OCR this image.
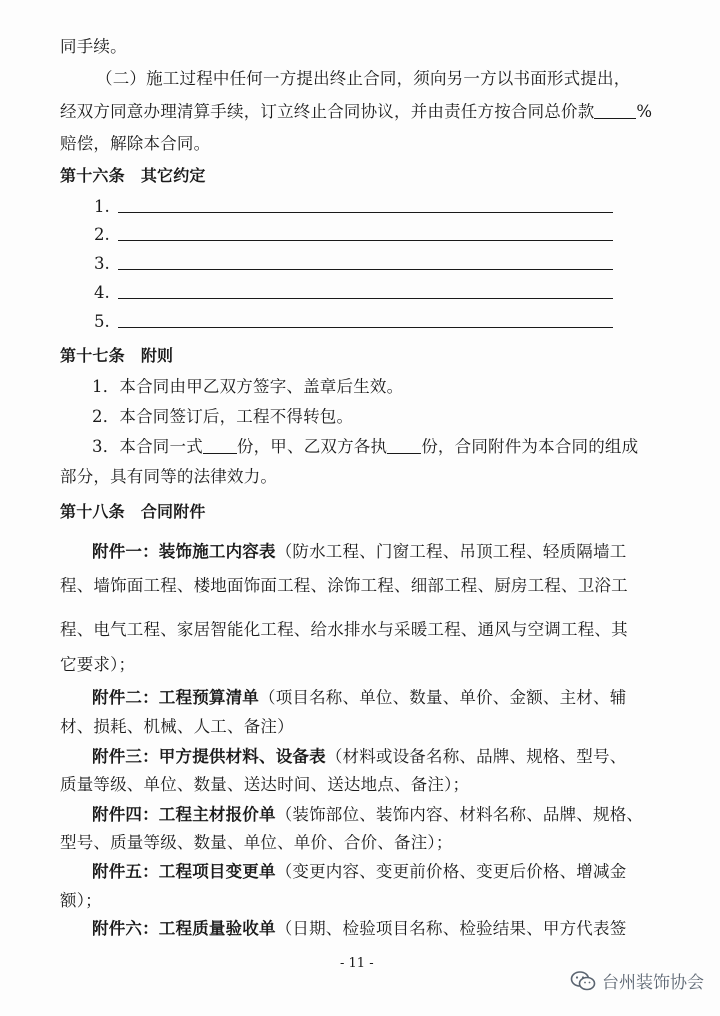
同手续。
（二）施工过程中任何一方提出终止合同，须向另一方以书面形式提出，
经双方同意办理清算手续，订立终止合同协议，并由责任方按合同总价款	%
赔偿，解除本合同。
第十六条 其它约定
1.
2.
3.
4.
5.
第十七条 附则
1．本合同由甲乙双方签字、盖章后生效。
2．本合同签订后，工程不得转包。
3．本合同一式 份，甲、乙双方各执 份，合同附件为本合同的组成
部分，具有同等的法律效力。
第十八条 合同附件
附件一：装饰施工内容表（防水工程、门窗工程、吊顶工程、轻质隔墙工
程、墙饰面工程、楼地面饰面工程、涂饰工程、细部工程、厨房工程、卫浴工
程、电气工程、家居智能化工程、给水排水与采暖工程、通风与空调工程、其
它要求）；
附件二：工程预算清单（项目名称、单位、数量、单价、金额、主材、辅
材、损耗、机械、人工、备注）
附件三：甲方提供材料、设备表（材料或设备名称、品牌、规格、型号、
质量等级、单位、数量、送达时间、送达地点、备注）；
附件四：工程主材报价单（装饰部位、装饰内容、材料名称、品牌、规格、
型号、质量等级、数量、单位、单价、合价、备注）；
附件五：工程项目变更单（变更内容、变更前价格、变更后价格、增减金
额）；
附件六：工程质量验收单（日期、检验项目名称、检验结果、甲方代表签
- 11 -
台州装饰协会
